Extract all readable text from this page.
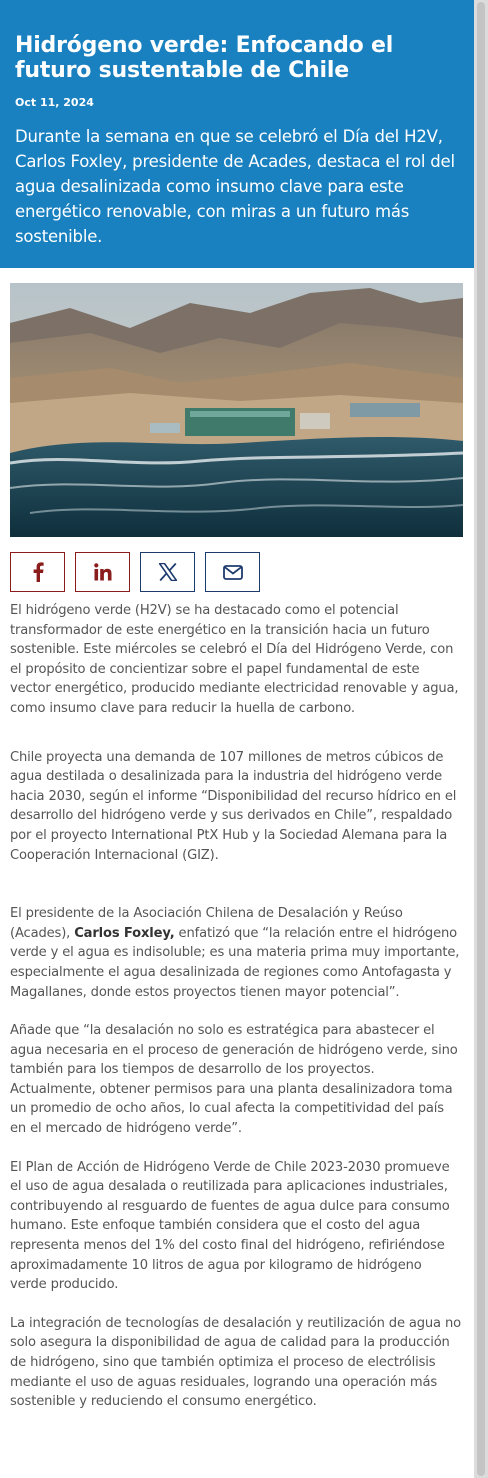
Hidrógeno verde: Enfocando el futuro sustentable de Chile
Oct 11, 2024
Durante la semana en que se celebró el Día del H2V, Carlos Foxley, presidente de Acades, destaca el rol del agua desalinizada como insumo clave para este energético renovable, con miras a un futuro más sostenible.

El hidrógeno verde (H2V) se ha destacado como el potencial transformador de este energético en la transición hacia un futuro sostenible. Este miércoles se celebró el Día del Hidrógeno Verde, con el propósito de concientizar sobre el papel fundamental de este vector energético, producido mediante electricidad renovable y agua, como insumo clave para reducir la huella de carbono.

Chile proyecta una demanda de 107 millones de metros cúbicos de agua destilada o desalinizada para la industria del hidrógeno verde hacia 2030, según el informe “Disponibilidad del recurso hídrico en el desarrollo del hidrógeno verde y sus derivados en Chile”, respaldado por el proyecto International PtX Hub y la Sociedad Alemana para la Cooperación Internacional (GIZ).

El presidente de la Asociación Chilena de Desalación y Reúso (Acades), Carlos Foxley, enfatizó que “la relación entre el hidrógeno verde y el agua es indisoluble; es una materia prima muy importante, especialmente el agua desalinizada de regiones como Antofagasta y Magallanes, donde estos proyectos tienen mayor potencial”.

Añade que “la desalación no solo es estratégica para abastecer el agua necesaria en el proceso de generación de hidrógeno verde, sino también para los tiempos de desarrollo de los proyectos. Actualmente, obtener permisos para una planta desalinizadora toma un promedio de ocho años, lo cual afecta la competitividad del país en el mercado de hidrógeno verde”.

El Plan de Acción de Hidrógeno Verde de Chile 2023-2030 promueve el uso de agua desalada o reutilizada para aplicaciones industriales, contribuyendo al resguardo de fuentes de agua dulce para consumo humano. Este enfoque también considera que el costo del agua representa menos del 1% del costo final del hidrógeno, refiriéndose aproximadamente 10 litros de agua por kilogramo de hidrógeno verde producido.

La integración de tecnologías de desalación y reutilización de agua no solo asegura la disponibilidad de agua de calidad para la producción de hidrógeno, sino que también optimiza el proceso de electrólisis mediante el uso de aguas residuales, logrando una operación más sostenible y reduciendo el consumo energético.
